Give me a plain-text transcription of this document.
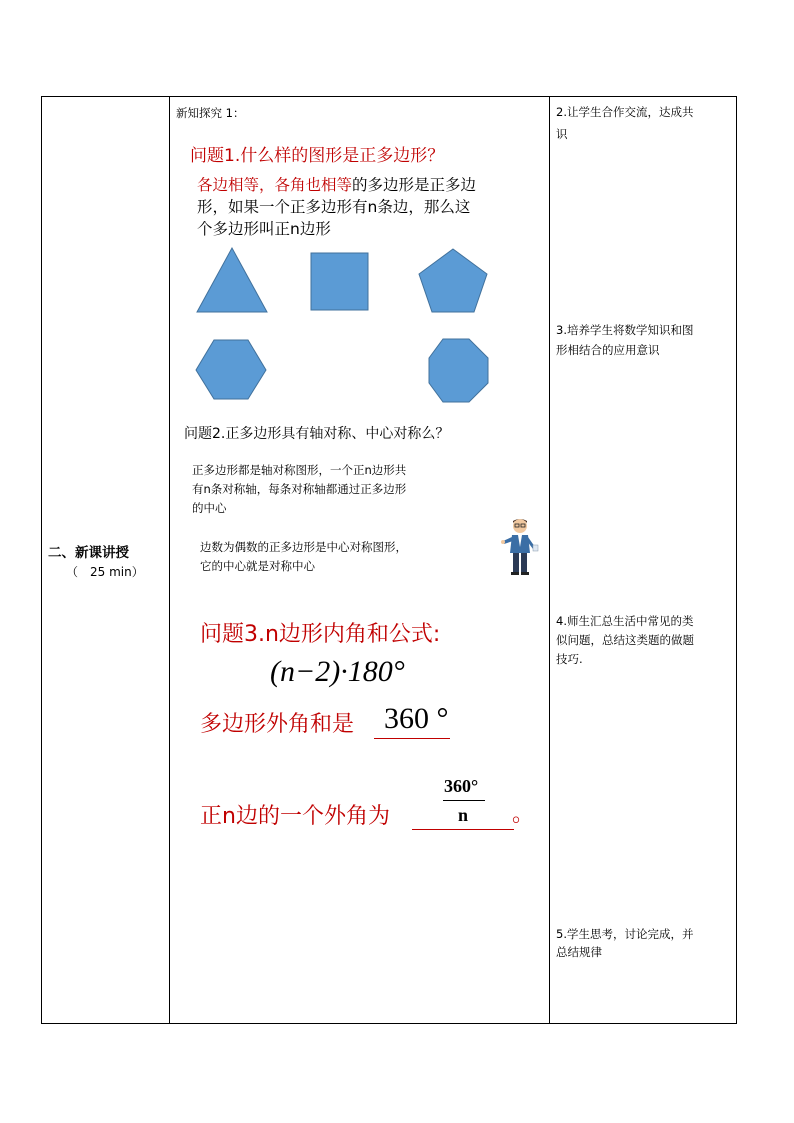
二、新课讲授
（　25 min）
新知探究 1：
问题1.什么样的图形是正多边形？
各边相等，各角也相等的多边形是正多边
形，如果一个正多边形有n条边，那么这
个多边形叫正n边形
问题2.正多边形具有轴对称、中心对称么？
正多边形都是轴对称图形，一个正n边形共
有n条对称轴，每条对称轴都通过正多边形
的中心
边数为偶数的正多边形是中心对称图形，
它的中心就是对称中心
问题3.n边形内角和公式:
(n−2)·180°
多边形外角和是 360 °
正n边的一个外角为	。
360°
n
2.让学生合作交流，达成共
识
3.培养学生将数学知识和图
形相结合的应用意识
4.师生汇总生活中常见的类
似问题，总结这类题的做题
技巧.
5.学生思考，讨论完成，并
总结规律
